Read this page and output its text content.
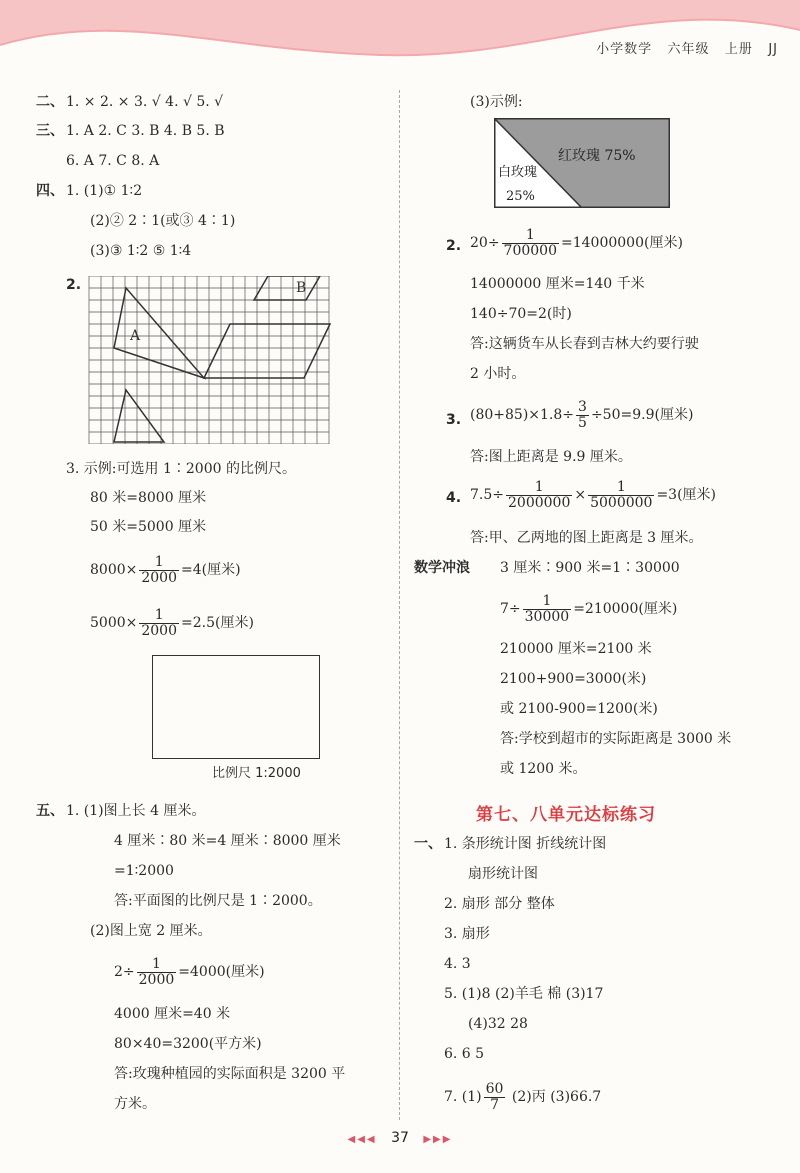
小学数学   六年级   上册   JJ
二、 1. × 2. × 3. √ 4. √ 5. √
三、 1. A 2. C 3. B 4. B 5. B
6. A 7. C 8. A
四、 1. (1)① 1∶2
(2)② 2∶1(或③ 4∶1)
(3)③ 1∶2 ⑤ 1∶4
2.
A
B
3. 示例:可选用 1∶2000 的比例尺。
80 米=8000 厘米
50 米=5000 厘米
$8000\times \frac{1}{2000} =4$(厘米)
$5000\times \frac{1}{2000} =2.5$(厘米)
比例尺 1:2000
五、 1. (1)图上长 4 厘米。
4 厘米∶80 米=4 厘米∶8000 厘米
=1∶2000
答:平面图的比例尺是 1∶2000。
(2)图上宽 2 厘米。
$2\div \frac{1}{2000} =4000$(厘米)
4000 厘米=40 米
80×40=3200(平方米)
答:玫瑰种植园的实际面积是 3200 平
方米。
(3)示例:
红玫瑰 75%
白玫瑰
25%
2. $20\div \frac{1}{700000} =14000000$(厘米)
14000000 厘米=140 千米
140÷70=2(时)
答:这辆货车从长春到吉林大约要行驶
2 小时。
3. $(80+85)\times 1.8\div \frac{3}{5} \div 50=9.9$(厘米)
答:图上距离是 9.9 厘米。
4. $7.5\div \frac{1}{2000000} \times \frac{1}{5000000} =3$(厘米)
答:甲、乙两地的图上距离是 3 厘米。
数学冲浪 3 厘米∶900 米=1∶30000
$7\div \frac{1}{30000} =210000$(厘米)
210000 厘米=2100 米
2100+900=3000(米)
或 2100-900=1200(米)
答:学校到超市的实际距离是 3000 米
或 1200 米。
第七、八单元达标练习
一、 1. 条形统计图 折线统计图
扇形统计图
2. 扇形 部分 整体
3. 扇形
4. 3
5. (1)8 (2)羊毛 棉 (3)17
(4)32 28
6. 6 5
7. $(1) \frac{60}{7} (2)$丙 (3)66.7
◀◀◀ 37 ▶▶▶
